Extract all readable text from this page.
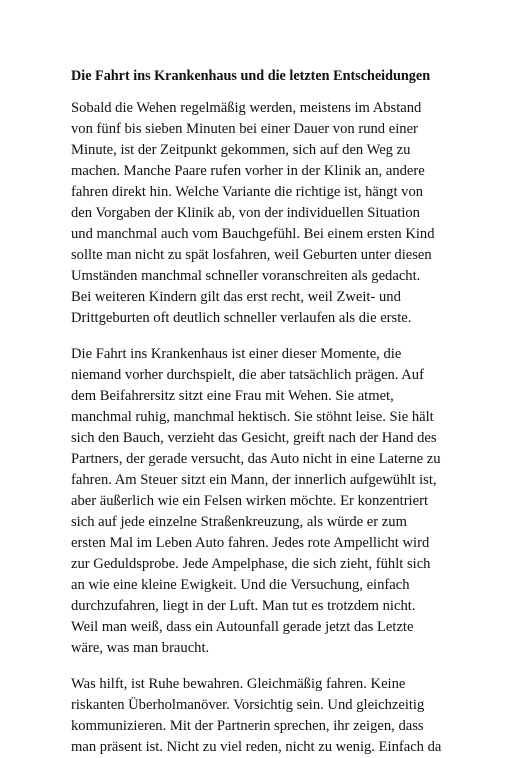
Die Fahrt ins Krankenhaus und die letzten Entscheidungen

Sobald die Wehen regelmäßig werden, meistens im Abstand
von fünf bis sieben Minuten bei einer Dauer von rund einer
Minute, ist der Zeitpunkt gekommen, sich auf den Weg zu
machen. Manche Paare rufen vorher in der Klinik an, andere
fahren direkt hin. Welche Variante die richtige ist, hängt von
den Vorgaben der Klinik ab, von der individuellen Situation
und manchmal auch vom Bauchgefühl. Bei einem ersten Kind
sollte man nicht zu spät losfahren, weil Geburten unter diesen
Umständen manchmal schneller voranschreiten als gedacht.
Bei weiteren Kindern gilt das erst recht, weil Zweit- und
Drittgeburten oft deutlich schneller verlaufen als die erste.

Die Fahrt ins Krankenhaus ist einer dieser Momente, die
niemand vorher durchspielt, die aber tatsächlich prägen. Auf
dem Beifahrersitz sitzt eine Frau mit Wehen. Sie atmet,
manchmal ruhig, manchmal hektisch. Sie stöhnt leise. Sie hält
sich den Bauch, verzieht das Gesicht, greift nach der Hand des
Partners, der gerade versucht, das Auto nicht in eine Laterne zu
fahren. Am Steuer sitzt ein Mann, der innerlich aufgewühlt ist,
aber äußerlich wie ein Felsen wirken möchte. Er konzentriert
sich auf jede einzelne Straßenkreuzung, als würde er zum
ersten Mal im Leben Auto fahren. Jedes rote Ampellicht wird
zur Geduldsprobe. Jede Ampelphase, die sich zieht, fühlt sich
an wie eine kleine Ewigkeit. Und die Versuchung, einfach
durchzufahren, liegt in der Luft. Man tut es trotzdem nicht.
Weil man weiß, dass ein Autounfall gerade jetzt das Letzte
wäre, was man braucht.

Was hilft, ist Ruhe bewahren. Gleichmäßig fahren. Keine
riskanten Überholmanöver. Vorsichtig sein. Und gleichzeitig
kommunizieren. Mit der Partnerin sprechen, ihr zeigen, dass
man präsent ist. Nicht zu viel reden, nicht zu wenig. Einfach da
